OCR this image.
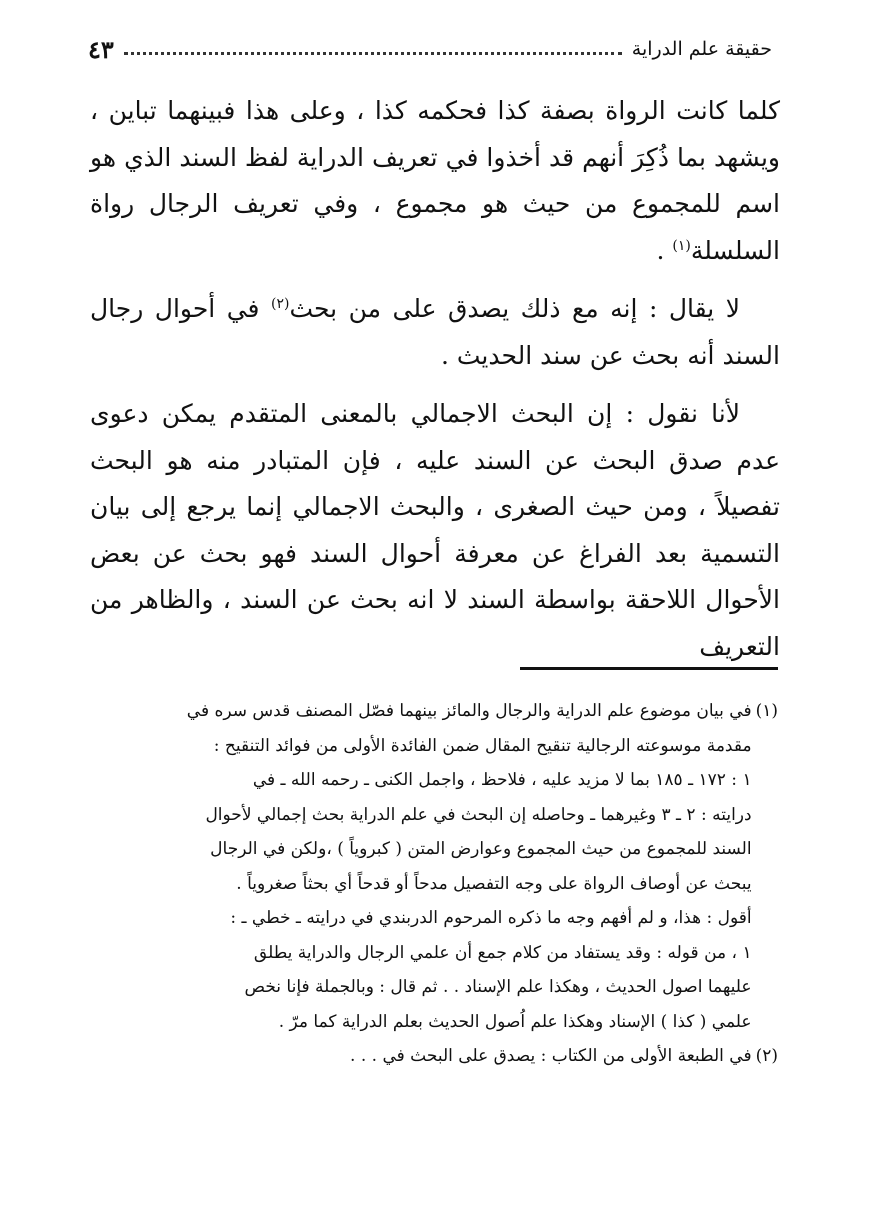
حقيقة علم الدراية
٤٣

كلما كانت الرواة بصفة كذا فحكمه كذا ، وعلى هذا فبينهما تباين ، ويشهد بما ذُكِرَ أنهم قد أخذوا في تعريف الدراية لفظ السند الذي هو اسم للمجموع من حيث هو مجموع ، وفي تعريف الرجال رواة السلسلة$^{(١)}$ .

لا يقال : إنه مع ذلك يصدق على من بحث$^{(٢)}$ في أحوال رجال السند أنه بحث عن سند الحديث .

لأنا نقول : إن البحث الاجمالي بالمعنى المتقدم يمكن دعوى عدم صدق البحث عن السند عليه ، فإن المتبادر منه هو البحث تفصيلاً ، ومن حيث الصغرى ، والبحث الاجمالي إنما يرجع إلى بيان التسمية بعد الفراغ عن معرفة أحوال السند فهو بحث عن بعض الأحوال اللاحقة بواسطة السند لا انه بحث عن السند ، والظاهر من التعريف

(١)
في بيان موضوع علم الدراية والرجال والمائز بينهما فصّل المصنف قدس سره في
مقدمة موسوعته الرجالية تنقيح المقال ضمن الفائدة الأولى من فوائد التنقيح :
١ : ١٧٢ ـ ١٨٥ بما لا مزيد عليه ، فلاحظ ، واجمل الكنى ـ رحمه الله ـ في
درايته : ٢ ـ ٣ وغيرهما ـ وحاصله إن البحث في علم الدراية بحث إجمالي لأحوال
السند للمجموع من حيث المجموع وعوارض المتن ( كبروياً ) ،ولكن في الرجال
يبحث عن أوصاف الرواة على وجه التفصيل مدحاً أو قدحاً أي بحثاً صغروياً .
أقول : هذا، و لم أفهم وجه ما ذكره المرحوم الدربندي في درايته ـ خطي ـ :
١ ، من قوله : وقد يستفاد من كلام جمع أن علمي الرجال والدراية يطلق
عليهما اصول الحديث ، وهكذا علم الإسناد . . ثم قال : وبالجملة فإنا نخص
علمي ( كذا ) الإسناد وهكذا علم اُصول الحديث بعلم الدراية كما مرّ .
(٢)
في الطبعة الأولى من الكتاب : يصدق على البحث في . . .
